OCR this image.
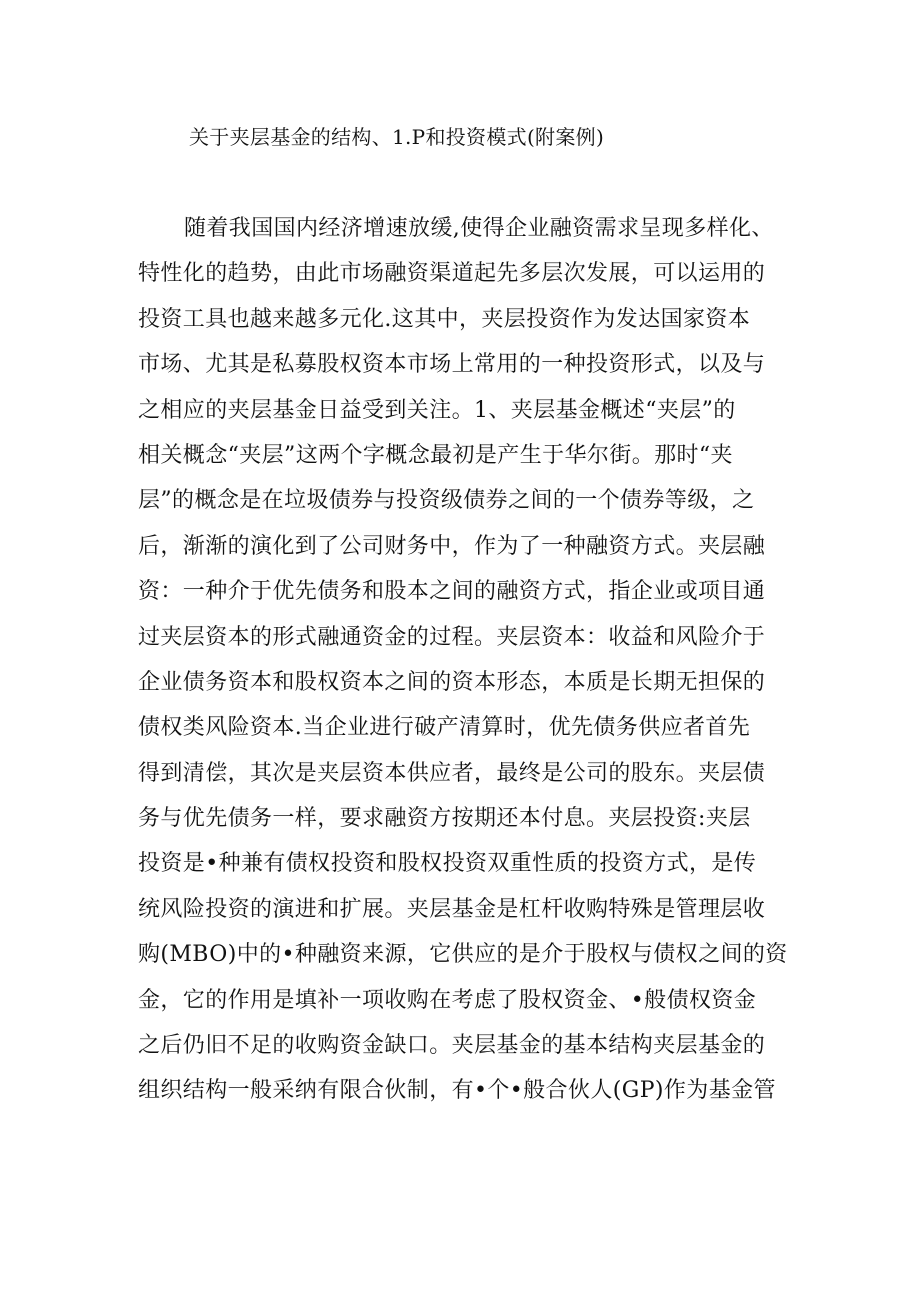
关于夹层基金的结构、1.P和投资模式(附案例)
随着我国国内经济增速放缓,使得企业融资需求呈现多样化、
特性化的趋势，由此市场融资渠道起先多层次发展，可以运用的
投资工具也越来越多元化.这其中，夹层投资作为发达国家资本
市场、尤其是私募股权资本市场上常用的一种投资形式，以及与
之相应的夹层基金日益受到关注。1、夹层基金概述“夹层”的
相关概念“夹层”这两个字概念最初是产生于华尔街。那时“夹
层”的概念是在垃圾债券与投资级债券之间的一个债券等级，之
后，渐渐的演化到了公司财务中，作为了一种融资方式。夹层融
资：一种介于优先债务和股本之间的融资方式，指企业或项目通
过夹层资本的形式融通资金的过程。夹层资本：收益和风险介于
企业债务资本和股权资本之间的资本形态，本质是长期无担保的
债权类风险资本.当企业进行破产清算时，优先债务供应者首先
得到清偿，其次是夹层资本供应者，最终是公司的股东。夹层债
务与优先债务一样，要求融资方按期还本付息。夹层投资:夹层
投资是•种兼有债权投资和股权投资双重性质的投资方式，是传
统风险投资的演进和扩展。夹层基金是杠杆收购特殊是管理层收
购(MBO)中的•种融资来源，它供应的是介于股权与债权之间的资
金，它的作用是填补一项收购在考虑了股权资金、•般债权资金
之后仍旧不足的收购资金缺口。夹层基金的基本结构夹层基金的
组织结构一般采纳有限合伙制，有•个•般合伙人(GP)作为基金管
